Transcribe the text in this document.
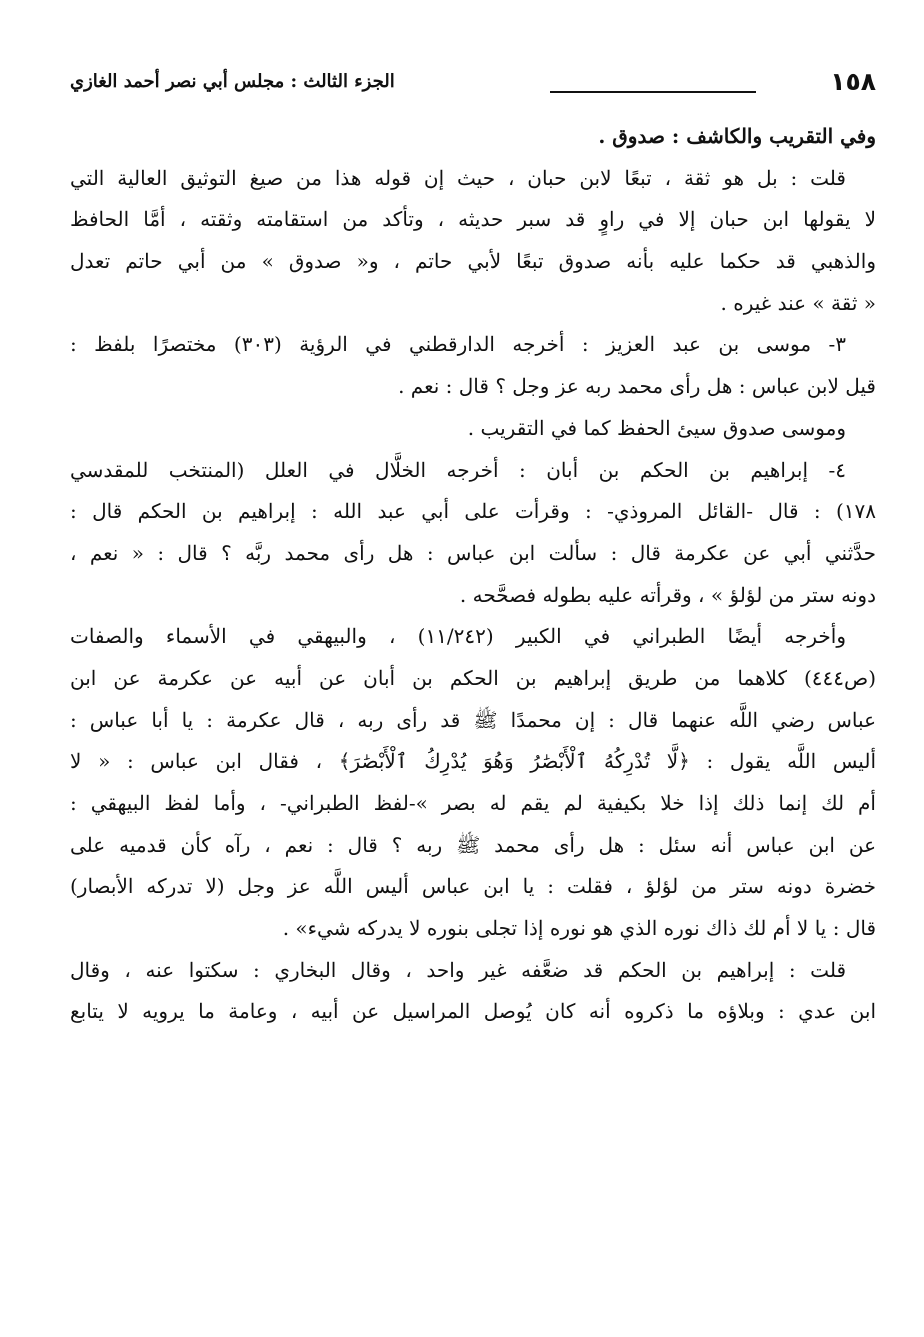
١٥٨
الجزء الثالث : مجلس أبي نصر أحمد الغازي
وفي التقريب والكاشف : صدوق .
قلت : بل هو ثقة ، تبعًا لابن حبان ، حيث إن قوله هذا من صيغ التوثيق العالية التي
لا يقولها ابن حبان إلا في راوٍ قد سبر حديثه ، وتأكد من استقامته وثقته ، أمَّا الحافظ
والذهبي قد حكما عليه بأنه صدوق تبعًا لأبي حاتم ، و« صدوق » من أبي حاتم تعدل
« ثقة » عند غيره .
٣- موسى بن عبد العزيز : أخرجه الدارقطني في الرؤية (٣٠٣) مختصرًا بلفظ :
قيل لابن عباس : هل رأى محمد ربه عز وجل ؟ قال : نعم .
وموسى صدوق سيئ الحفظ كما في التقريب .
٤- إبراهيم بن الحكم بن أبان : أخرجه الخلَّال في العلل (المنتخب للمقدسي
١٧٨) : قال -القائل المروذي- : وقرأت على أبي عبد الله : إبراهيم بن الحكم قال :
حدَّثني أبي عن عكرمة قال : سألت ابن عباس : هل رأى محمد ربَّه ؟ قال : « نعم ،
دونه ستر من لؤلؤ » ، وقرأته عليه بطوله فصحَّحه .
وأخرجه أيضًا الطبراني في الكبير (١١/٢٤٢) ، والبيهقي في الأسماء والصفات
(ص٤٤٤) كلاهما من طريق إبراهيم بن الحكم بن أبان عن أبيه عن عكرمة عن ابن
عباس رضي اللَّه عنهما قال : إن محمدًا ﷺ قد رأى ربه ، قال عكرمة : يا أبا عباس :
أليس اللَّه يقول : ﴿لَّا تُدْرِكُهُ ٱلْأَبْصَٰرُ وَهُوَ يُدْرِكُ ٱلْأَبْصَٰرَ﴾ ، فقال ابن عباس : « لا
أم لك إنما ذلك إذا خلا بكيفية لم يقم له بصر »-لفظ الطبراني- ، وأما لفظ البيهقي :
عن ابن عباس أنه سئل : هل رأى محمد ﷺ ربه ؟ قال : نعم ، رآه كأن قدميه على
خضرة دونه ستر من لؤلؤ ، فقلت : يا ابن عباس أليس اللَّه عز وجل (لا تدركه الأبصار)
قال : يا لا أم لك ذاك نوره الذي هو نوره إذا تجلى بنوره لا يدركه شيء» .
قلت : إبراهيم بن الحكم قد ضعَّفه غير واحد ، وقال البخاري : سكتوا عنه ، وقال
ابن عدي : وبلاؤه ما ذكروه أنه كان يُوصل المراسيل عن أبيه ، وعامة ما يرويه لا يتابع
